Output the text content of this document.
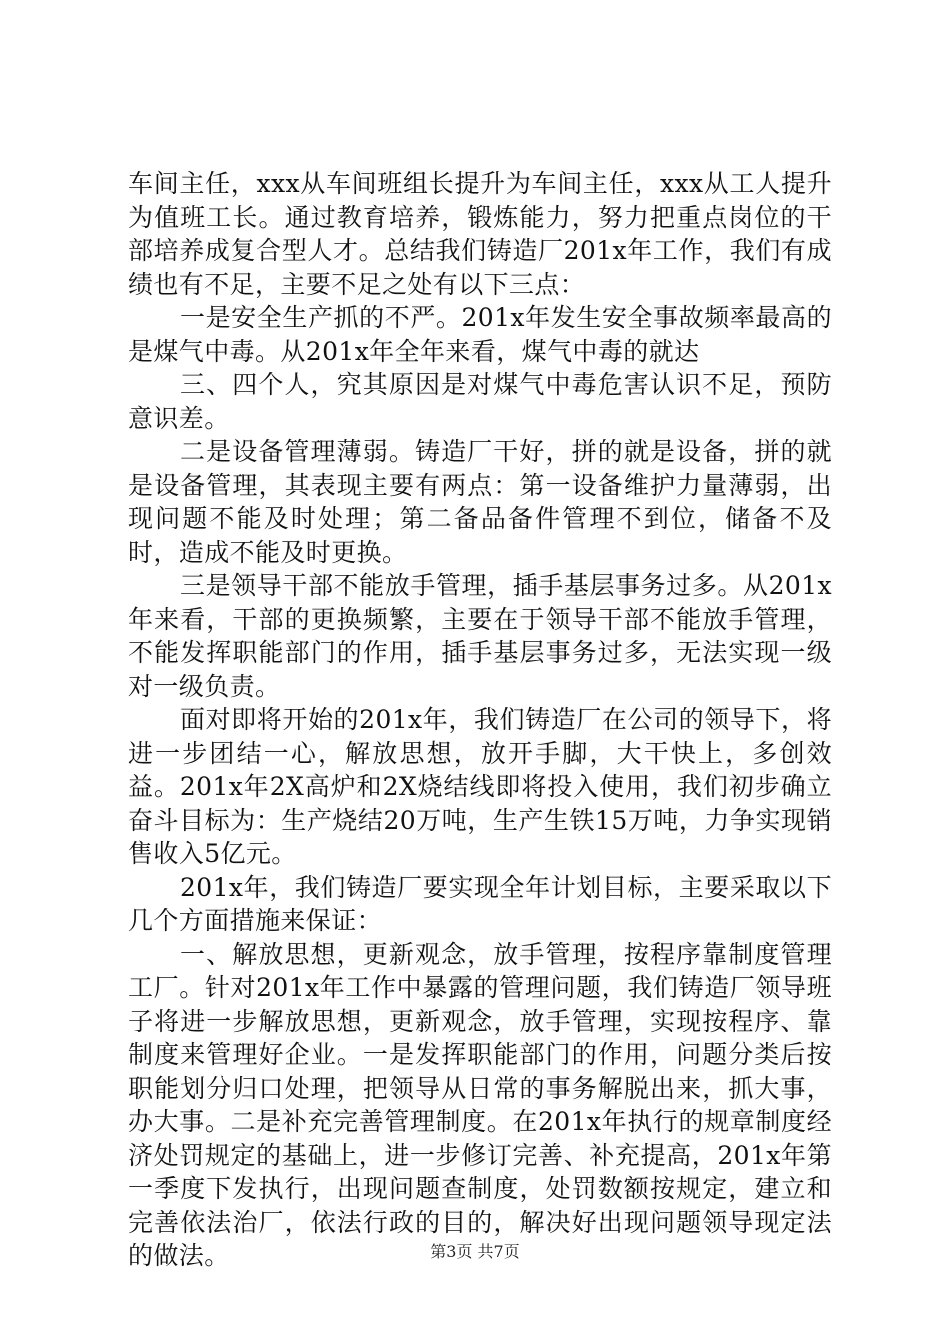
车间主任，xxx从车间班组长提升为车间主任，xxx从工人提升为值班工长。通过教育培养，锻炼能力，努力把重点岗位的干部培养成复合型人才。总结我们铸造厂201x年工作，我们有成绩也有不足，主要不足之处有以下三点：

一是安全生产抓的不严。201x年发生安全事故频率最高的是煤气中毒。从201x年全年来看，煤气中毒的就达

三、四个人，究其原因是对煤气中毒危害认识不足，预防意识差。

二是设备管理薄弱。铸造厂干好，拼的就是设备，拼的就是设备管理，其表现主要有两点：第一设备维护力量薄弱，出现问题不能及时处理；第二备品备件管理不到位，储备不及时，造成不能及时更换。

三是领导干部不能放手管理，插手基层事务过多。从201x年来看，干部的更换频繁，主要在于领导干部不能放手管理，不能发挥职能部门的作用，插手基层事务过多，无法实现一级对一级负责。

面对即将开始的201x年，我们铸造厂在公司的领导下，将进一步团结一心，解放思想，放开手脚，大干快上，多创效益。201x年2X高炉和2X烧结线即将投入使用，我们初步确立奋斗目标为：生产烧结20万吨，生产生铁15万吨，力争实现销售收入5亿元。

201x年，我们铸造厂要实现全年计划目标，主要采取以下几个方面措施来保证：

一、解放思想，更新观念，放手管理，按程序靠制度管理工厂。针对201x年工作中暴露的管理问题，我们铸造厂领导班子将进一步解放思想，更新观念，放手管理，实现按程序、靠制度来管理好企业。一是发挥职能部门的作用，问题分类后按职能划分归口处理，把领导从日常的事务解脱出来，抓大事，办大事。二是补充完善管理制度。在201x年执行的规章制度经济处罚规定的基础上，进一步修订完善、补充提高，201x年第一季度下发执行，出现问题查制度，处罚数额按规定，建立和完善依法治厂，依法行政的目的，解决好出现问题领导现定法的做法。	第3页 共7页
